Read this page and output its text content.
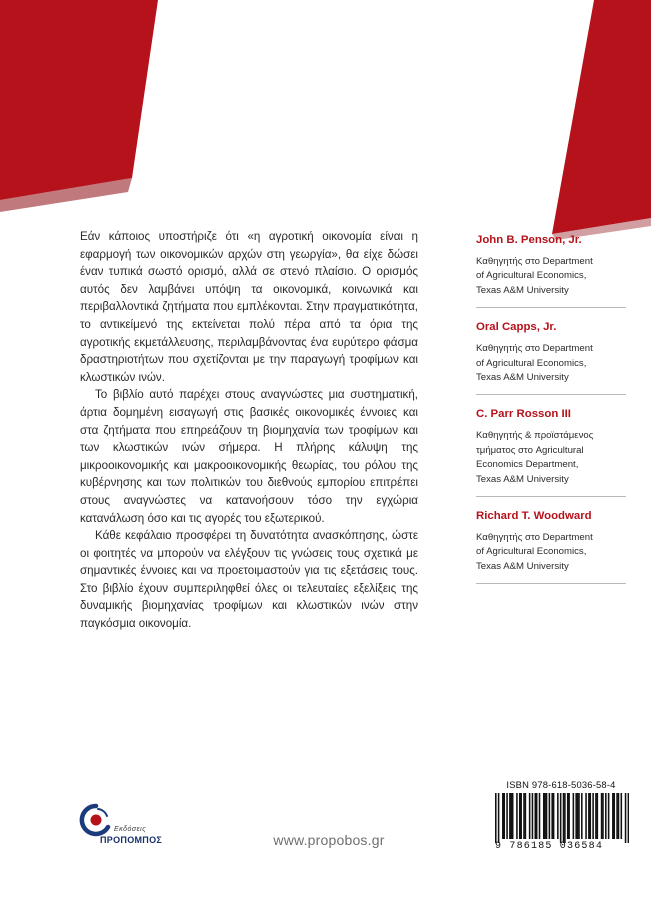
Εάν κάποιος υποστήριζε ότι «η αγροτική οικονομία είναι η εφαρμογή των οικονομικών αρχών στη γεωργία», θα είχε δώσει έναν τυπικά σωστό ορισμό, αλλά σε στενό πλαίσιο. Ο ορισμός αυτός δεν λαμβάνει υπόψη τα οικονομικά, κοινωνικά και περιβαλλοντικά ζητήματα που εμπλέκονται. Στην πραγματικότητα, το αντικείμενό της εκτείνεται πολύ πέρα από τα όρια της αγροτικής εκμετάλλευσης, περιλαμβάνοντας ένα ευρύτερο φάσμα δραστηριοτήτων που σχετίζονται με την παραγωγή τροφίμων και κλωστικών ινών.

Το βιβλίο αυτό παρέχει στους αναγνώστες μια συστηματική, άρτια δομημένη εισαγωγή στις βασικές οικονομικές έννοιες και στα ζητήματα που επηρεάζουν τη βιομηχανία των τροφίμων και των κλωστικών ινών σήμερα. Η πλήρης κάλυψη της μικροοικονομικής και μακροοικονομικής θεωρίας, του ρόλου της κυβέρνησης και των πολιτικών του διεθνούς εμπορίου επιτρέπει στους αναγνώστες να κατανοήσουν τόσο την εγχώρια κατανάλωση όσο και τις αγορές του εξωτερικού.

Κάθε κεφάλαιο προσφέρει τη δυνατότητα ανασκόπησης, ώστε οι φοιτητές να μπορούν να ελέγξουν τις γνώσεις τους σχετικά με σημαντικές έννοιες και να προετοιμαστούν για τις εξετάσεις τους. Στο βιβλίο έχουν συμπεριληφθεί όλες οι τελευταίες εξελίξεις της δυναμικής βιομηχανίας τροφίμων και κλωστικών ινών στην παγκόσμια οικονομία.

John B. Penson, Jr.
Καθηγητής στο Department
of Agricultural Economics,
Texas A&M University
Oral Capps, Jr.
Καθηγητής στο Department
of Agricultural Economics,
Texas A&M University
C. Parr Rosson III
Καθηγητής & προϊστάμενος
τμήματος στο Agricultural
Economics Department,
Texas A&M University
Richard T. Woodward
Καθηγητής στο Department
of Agricultural Economics,
Texas A&M University
Εκδόσεις
ΠΡΟΠΟΜΠΟΣ	www.propobos.gr
ISBN 978-618-5036-58-4
9 786185 036584
